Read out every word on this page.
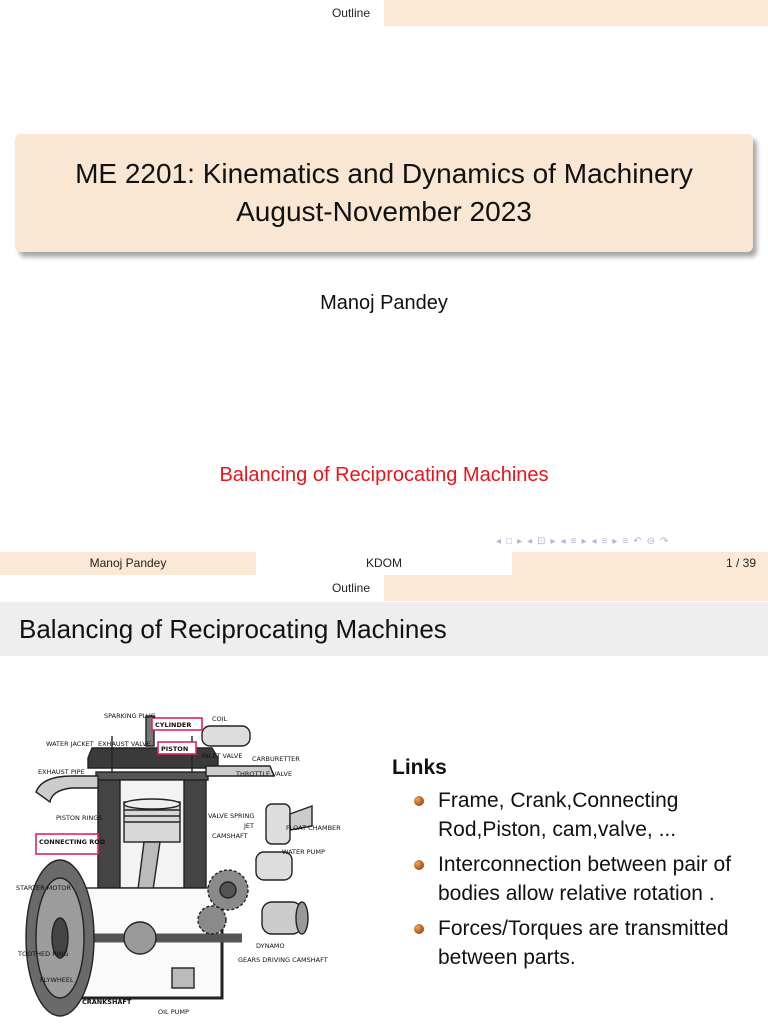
Outline
ME 2201: Kinematics and Dynamics of Machinery
August-November 2023
Manoj Pandey
Balancing of Reciprocating Machines
◂ □ ▸ ◂ ⊡ ▸ ◂ ≡ ▸ ◂ ≡ ▸ ≡ ↶ ⊖ ↷
Manoj Pandey	KDOM	1 / 39
Outline
Balancing of Reciprocating Machines
SPARKING PLUG
CYLINDER
COIL
WATER JACKET EXHAUST VALVE
PISTON
INLET VALVE CARBURETTER
EXHAUST PIPE	THROTTLE VALVE
PISTON RINGS	VALVE SPRING
JET	FLOAT CHAMBER
CAMSHAFT
CONNECTING ROD
WATER PUMP
STARTER MOTOR
TOOTHED RING
DYNAMO
GEARS DRIVING CAMSHAFT
FLYWHEEL
CRANKSHAFT
OIL PUMP
Links
Frame, Crank,Connecting Rod,Piston, cam,valve, ...
Interconnection between pair of bodies allow relative rotation .
Forces/Torques are transmitted between parts.
